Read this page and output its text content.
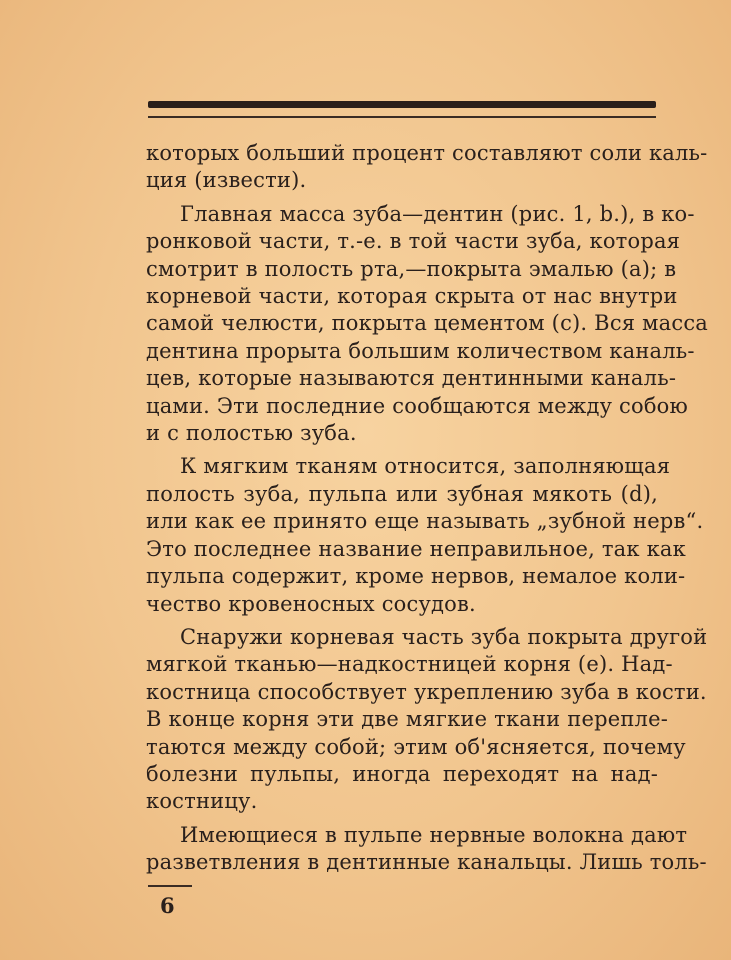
которых больший процент составляют соли каль-
ция (извести).
Главная масса зуба—дентин (рис. 1, b.), в ко-
ронковой части, т.-е. в той части зуба, которая
смотрит в полость рта,—покрыта эмалью (а); в
корневой части, которая скрыта от нас внутри
самой челюсти, покрыта цементом (с). Вся масса
дентина прорыта большим количеством каналь-
цев, которые называются дентинными каналь-
цами. Эти последние сообщаются между собою
и с полостью зуба.
К мягким тканям относится, заполняющая
полость зуба, пульпа или зубная мякоть (d),
или как ее принято еще называть „зубной нерв“.
Это последнее название неправильное, так как
пульпа содержит, кроме нервов, немалое коли-
чество кровеносных сосудов.
Снаружи корневая часть зуба покрыта другой
мягкой тканью—надкостницей корня (е). Над-
костница способствует укреплению зуба в кости.
В конце корня эти две мягкие ткани перепле-
таются между собой; этим об'ясняется, почему
болезни пульпы, иногда переходят на над-
костницу.
Имеющиеся в пульпе нервные волокна дают
разветвления в дентинные канальцы. Лишь толь-
6
